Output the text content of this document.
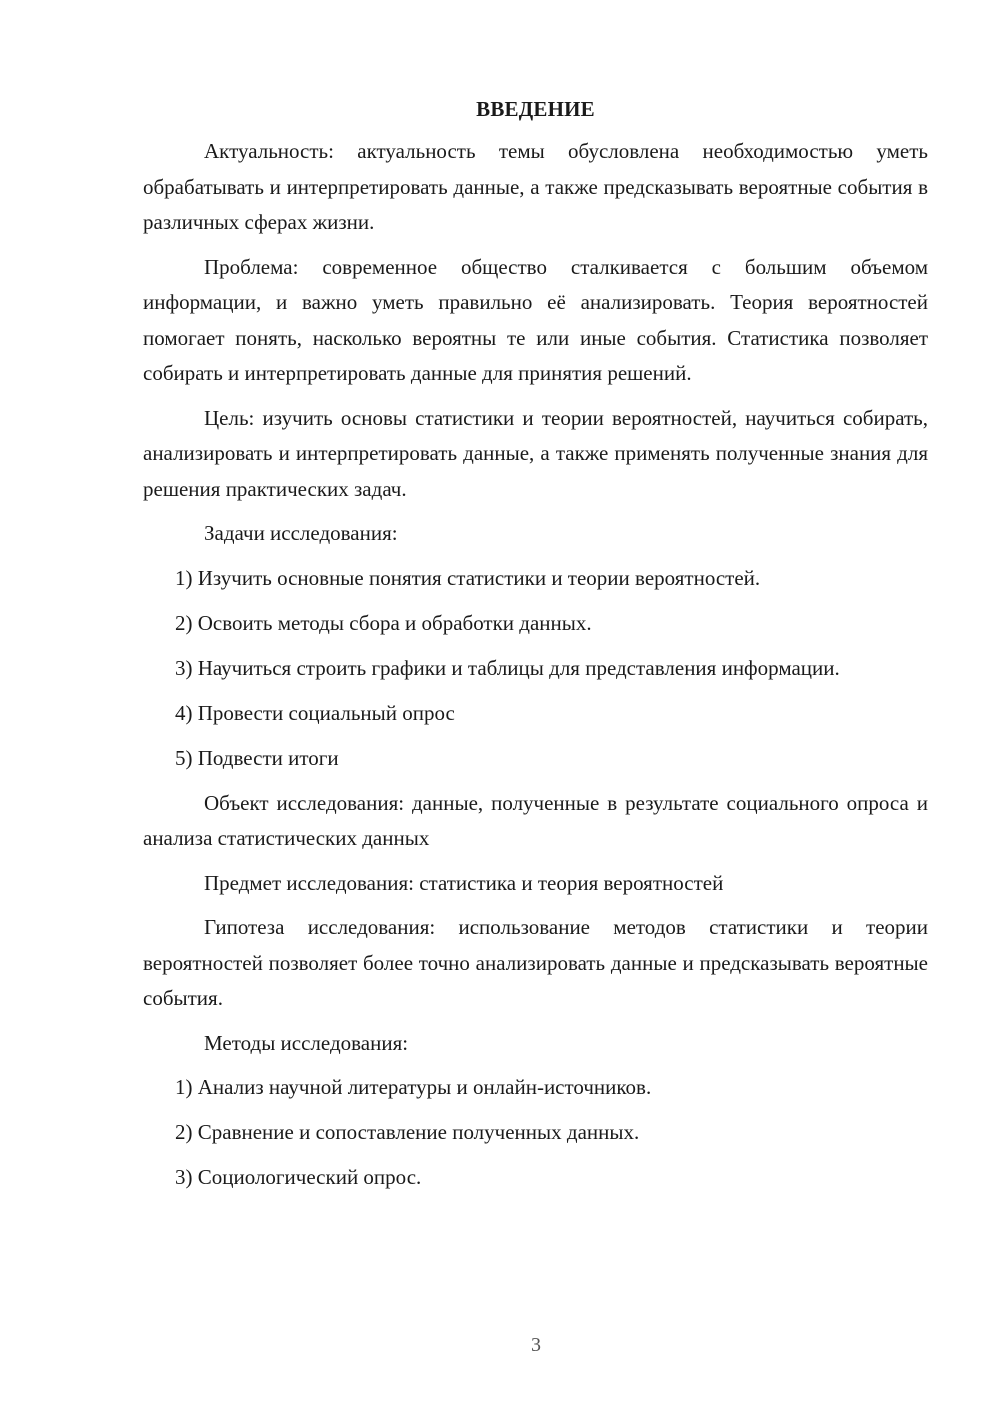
ВВЕДЕНИЕ

Актуальность: актуальность темы обусловлена необходимостью уметь обрабатывать и интерпретировать данные, а также предсказывать вероятные события в различных сферах жизни.

Проблема: современное общество сталкивается с большим объемом информации, и важно уметь правильно её анализировать. Теория вероятностей помогает понять, насколько вероятны те или иные события. Статистика позволяет собирать и интерпретировать данные для принятия решений.

Цель: изучить основы статистики и теории вероятностей, научиться собирать, анализировать и интерпретировать данные, а также применять полученные знания для решения практических задач.

Задачи исследования:

1) Изучить основные понятия статистики и теории вероятностей.

2) Освоить методы сбора и обработки данных.

3) Научиться строить графики и таблицы для представления информации.

4) Провести социальный опрос

5) Подвести итоги

Объект исследования: данные, полученные в результате социального опроса и анализа статистических данных

Предмет исследования: статистика и теория вероятностей

Гипотеза исследования: использование методов статистики и теории вероятностей позволяет более точно анализировать данные и предсказывать вероятные события.

Методы исследования:

1) Анализ научной литературы и онлайн-источников.

2) Сравнение и сопоставление полученных данных.

3) Социологический опрос.

3
